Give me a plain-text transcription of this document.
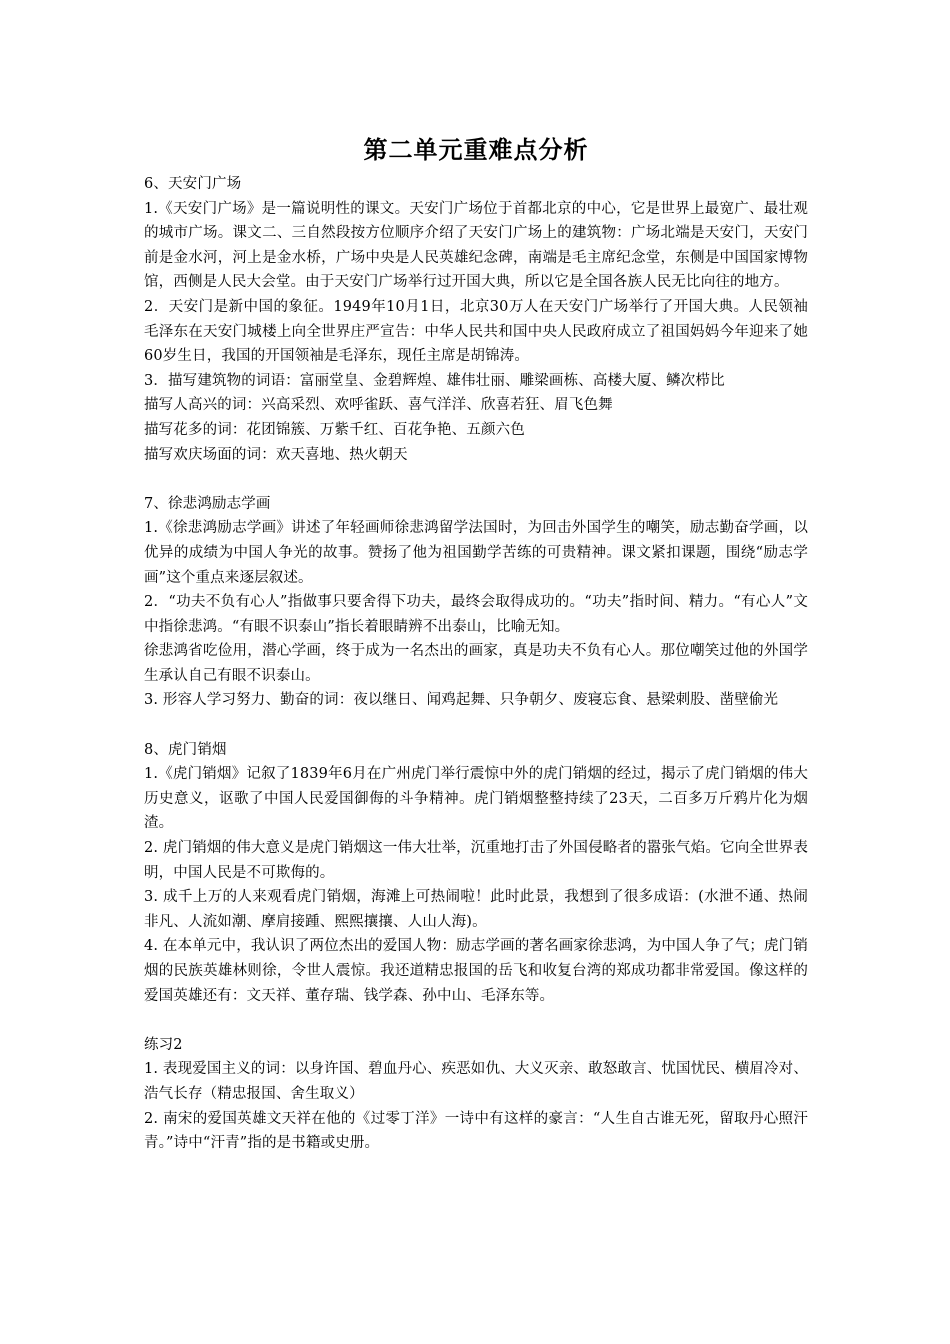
第二单元重难点分析

6、天安门广场

1.《天安门广场》是一篇说明性的课文。天安门广场位于首都北京的中心，它是世界上最宽广、最壮观的城市广场。课文二、三自然段按方位顺序介绍了天安门广场上的建筑物：广场北端是天安门，天安门前是金水河，河上是金水桥，广场中央是人民英雄纪念碑，南端是毛主席纪念堂，东侧是中国国家博物馆，西侧是人民大会堂。由于天安门广场举行过开国大典，所以它是全国各族人民无比向往的地方。

2．天安门是新中国的象征。1949年10月1日，北京30万人在天安门广场举行了开国大典。人民领袖毛泽东在天安门城楼上向全世界庄严宣告：中华人民共和国中央人民政府成立了祖国妈妈今年迎来了她60岁生日，我国的开国领袖是毛泽东，现任主席是胡锦涛。

3．描写建筑物的词语：富丽堂皇、金碧辉煌、雄伟壮丽、雕梁画栋、高楼大厦、鳞次栉比

描写人高兴的词：兴高采烈、欢呼雀跃、喜气洋洋、欣喜若狂、眉飞色舞

描写花多的词：花团锦簇、万紫千红、百花争艳、五颜六色

描写欢庆场面的词：欢天喜地、热火朝天

7、徐悲鸿励志学画

1.《徐悲鸿励志学画》讲述了年轻画师徐悲鸿留学法国时，为回击外国学生的嘲笑，励志勤奋学画，以优异的成绩为中国人争光的故事。赞扬了他为祖国勤学苦练的可贵精神。课文紧扣课题，围绕“励志学画”这个重点来逐层叙述。

2．“功夫不负有心人”指做事只要舍得下功夫，最终会取得成功的。“功夫”指时间、精力。“有心人”文中指徐悲鸿。“有眼不识泰山”指长着眼睛辨不出泰山，比喻无知。

徐悲鸿省吃俭用，潜心学画，终于成为一名杰出的画家，真是功夫不负有心人。那位嘲笑过他的外国学生承认自己有眼不识泰山。

3. 形容人学习努力、勤奋的词：夜以继日、闻鸡起舞、只争朝夕、废寝忘食、悬梁刺股、凿壁偷光

8、虎门销烟

1.《虎门销烟》记叙了1839年6月在广州虎门举行震惊中外的虎门销烟的经过，揭示了虎门销烟的伟大历史意义，讴歌了中国人民爱国御侮的斗争精神。虎门销烟整整持续了23天，二百多万斤鸦片化为烟渣。

2. 虎门销烟的伟大意义是虎门销烟这一伟大壮举，沉重地打击了外国侵略者的嚣张气焰。它向全世界表明，中国人民是不可欺侮的。

3. 成千上万的人来观看虎门销烟，海滩上可热闹啦！此时此景，我想到了很多成语：(水泄不通、热闹非凡、人流如潮、摩肩接踵、熙熙攘攘、人山人海)。

4. 在本单元中，我认识了两位杰出的爱国人物：励志学画的著名画家徐悲鸿，为中国人争了气；虎门销烟的民族英雄林则徐，令世人震惊。我还道精忠报国的岳飞和收复台湾的郑成功都非常爱国。像这样的爱国英雄还有：文天祥、董存瑞、钱学森、孙中山、毛泽东等。

练习2

1. 表现爱国主义的词：以身许国、碧血丹心、疾恶如仇、大义灭亲、敢怒敢言、忧国忧民、横眉冷对、浩气长存（精忠报国、舍生取义）

2. 南宋的爱国英雄文天祥在他的《过零丁洋》一诗中有这样的豪言：“人生自古谁无死，留取丹心照汗青。”诗中“汗青”指的是书籍或史册。
